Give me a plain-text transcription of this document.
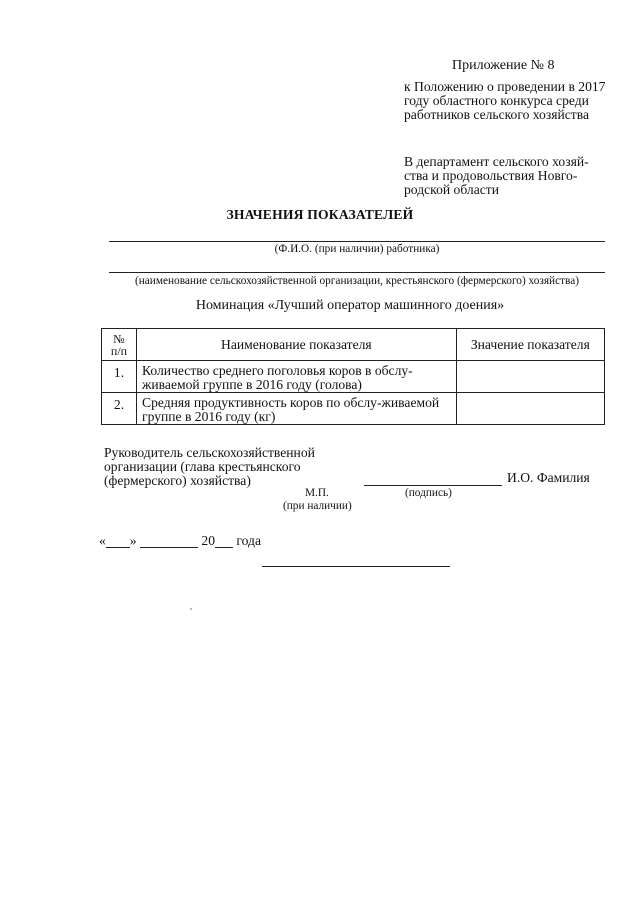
Приложение № 8
к Положению о проведении в 2017 году областного конкурса среди работников сельского хозяйства
В департамент сельского хозяй-ства и продовольствия Новго-родской области
ЗНАЧЕНИЯ ПОКАЗАТЕЛЕЙ
(Ф.И.О. (при наличии) работника)
(наименование сельскохозяйственной организации, крестьянского (фермерского) хозяйства)
Номинация «Лучший оператор машинного доения»
№
п/п	Наименование показателя	Значение показателя
1.	Количество среднего поголовья коров в обслу-живаемой группе в 2016 году (голова)	
2.	Средняя продуктивность коров по обслу-живаемой группе в 2016 году (кг)	
Руководитель сельскохозяйственной организации (глава крестьянского (фермерского) хозяйства)	И.О. Фамилия
М.П.
(при наличии)
(подпись)
« »	20 года
